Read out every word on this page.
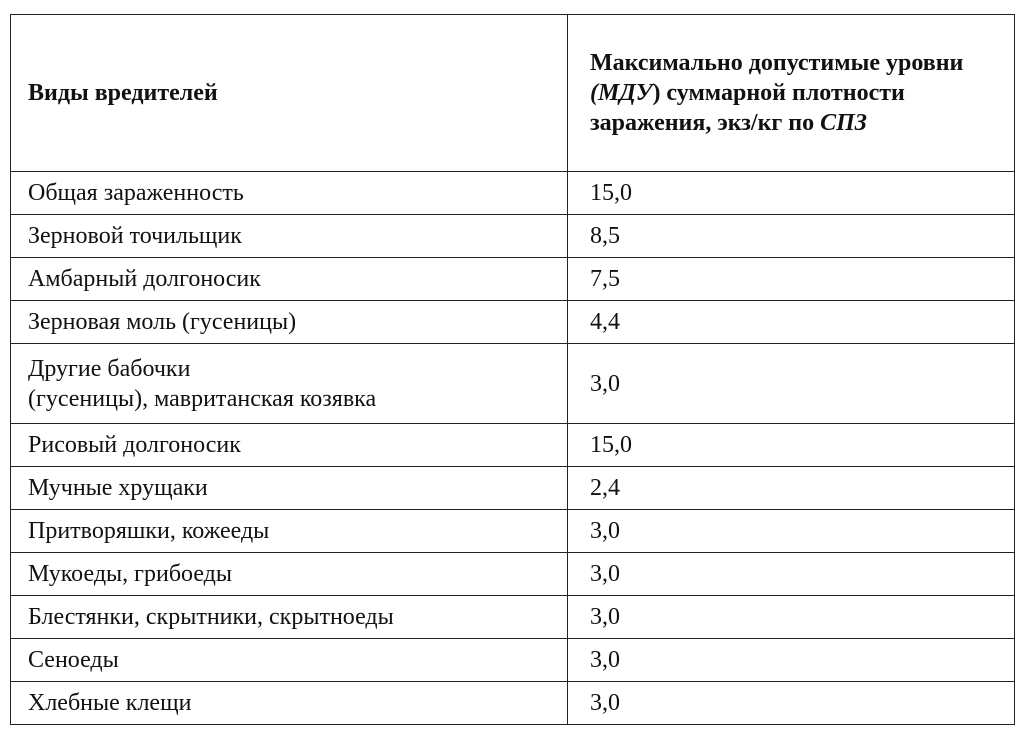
Виды вредителей	Максимально допустимые уровни (МДУ) суммарной плотности заражения, экз/кг по СПЗ
Общая зараженность	15,0
Зерновой точильщик	8,5
Амбарный долгоносик	7,5
Зерновая моль (гусеницы)	4,4

Другие бабочки
(гусеницы), мавританская козявка	3,0
Рисовый долгоносик	15,0
Мучные хрущаки	2,4
Притворяшки, кожееды	3,0
Мукоеды, грибоеды	3,0
Блестянки, скрытники, скрытноеды	3,0
Сеноеды	3,0
Хлебные клещи	3,0
